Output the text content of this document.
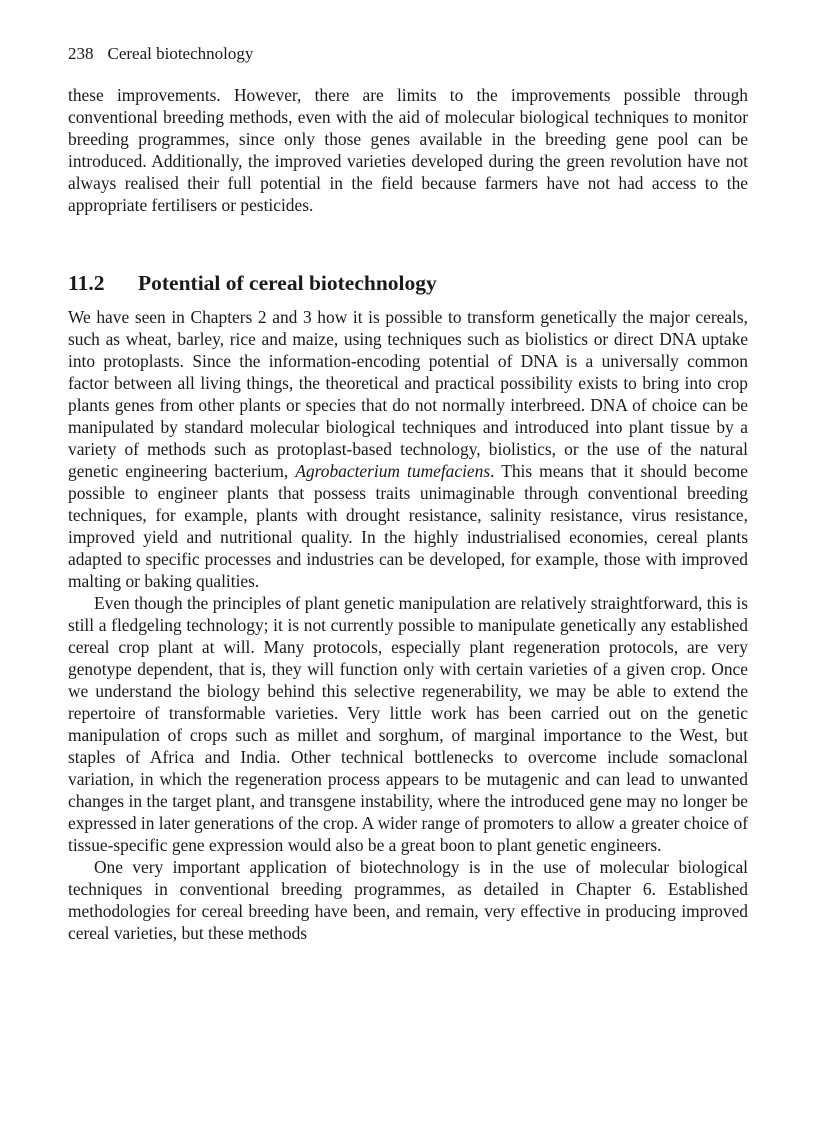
238 Cereal biotechnology

these improvements. However, there are limits to the improvements possible through conventional breeding methods, even with the aid of molecular biological techniques to monitor breeding programmes, since only those genes available in the breeding gene pool can be introduced. Additionally, the improved varieties developed during the green revolution have not always realised their full potential in the field because farmers have not had access to the appropriate fertilisers or pesticides.

11.2 Potential of cereal biotechnology

We have seen in Chapters 2 and 3 how it is possible to transform genetically the major cereals, such as wheat, barley, rice and maize, using techniques such as biolistics or direct DNA uptake into protoplasts. Since the information-encoding potential of DNA is a universally common factor between all living things, the theoretical and practical possibility exists to bring into crop plants genes from other plants or species that do not normally interbreed. DNA of choice can be manipulated by standard molecular biological techniques and introduced into plant tissue by a variety of methods such as protoplast-based technology, biolistics, or the use of the natural genetic engineering bacterium, Agrobacterium tumefaciens. This means that it should become possible to engineer plants that possess traits unimaginable through conventional breeding techniques, for example, plants with drought resistance, salinity resistance, virus resistance, improved yield and nutritional quality. In the highly industrialised economies, cereal plants adapted to specific processes and industries can be developed, for example, those with improved malting or baking qualities.

Even though the principles of plant genetic manipulation are relatively straightforward, this is still a fledgeling technology; it is not currently possible to manipulate genetically any established cereal crop plant at will. Many protocols, especially plant regeneration protocols, are very genotype dependent, that is, they will function only with certain varieties of a given crop. Once we understand the biology behind this selective regenerability, we may be able to extend the repertoire of transformable varieties. Very little work has been carried out on the genetic manipulation of crops such as millet and sorghum, of marginal importance to the West, but staples of Africa and India. Other technical bottlenecks to overcome include somaclonal variation, in which the regeneration process appears to be mutagenic and can lead to unwanted changes in the target plant, and transgene instability, where the introduced gene may no longer be expressed in later generations of the crop. A wider range of promoters to allow a greater choice of tissue-specific gene expression would also be a great boon to plant genetic engineers.

One very important application of biotechnology is in the use of molecular biological techniques in conventional breeding programmes, as detailed in Chapter 6. Established methodologies for cereal breeding have been, and remain, very effective in producing improved cereal varieties, but these methods
